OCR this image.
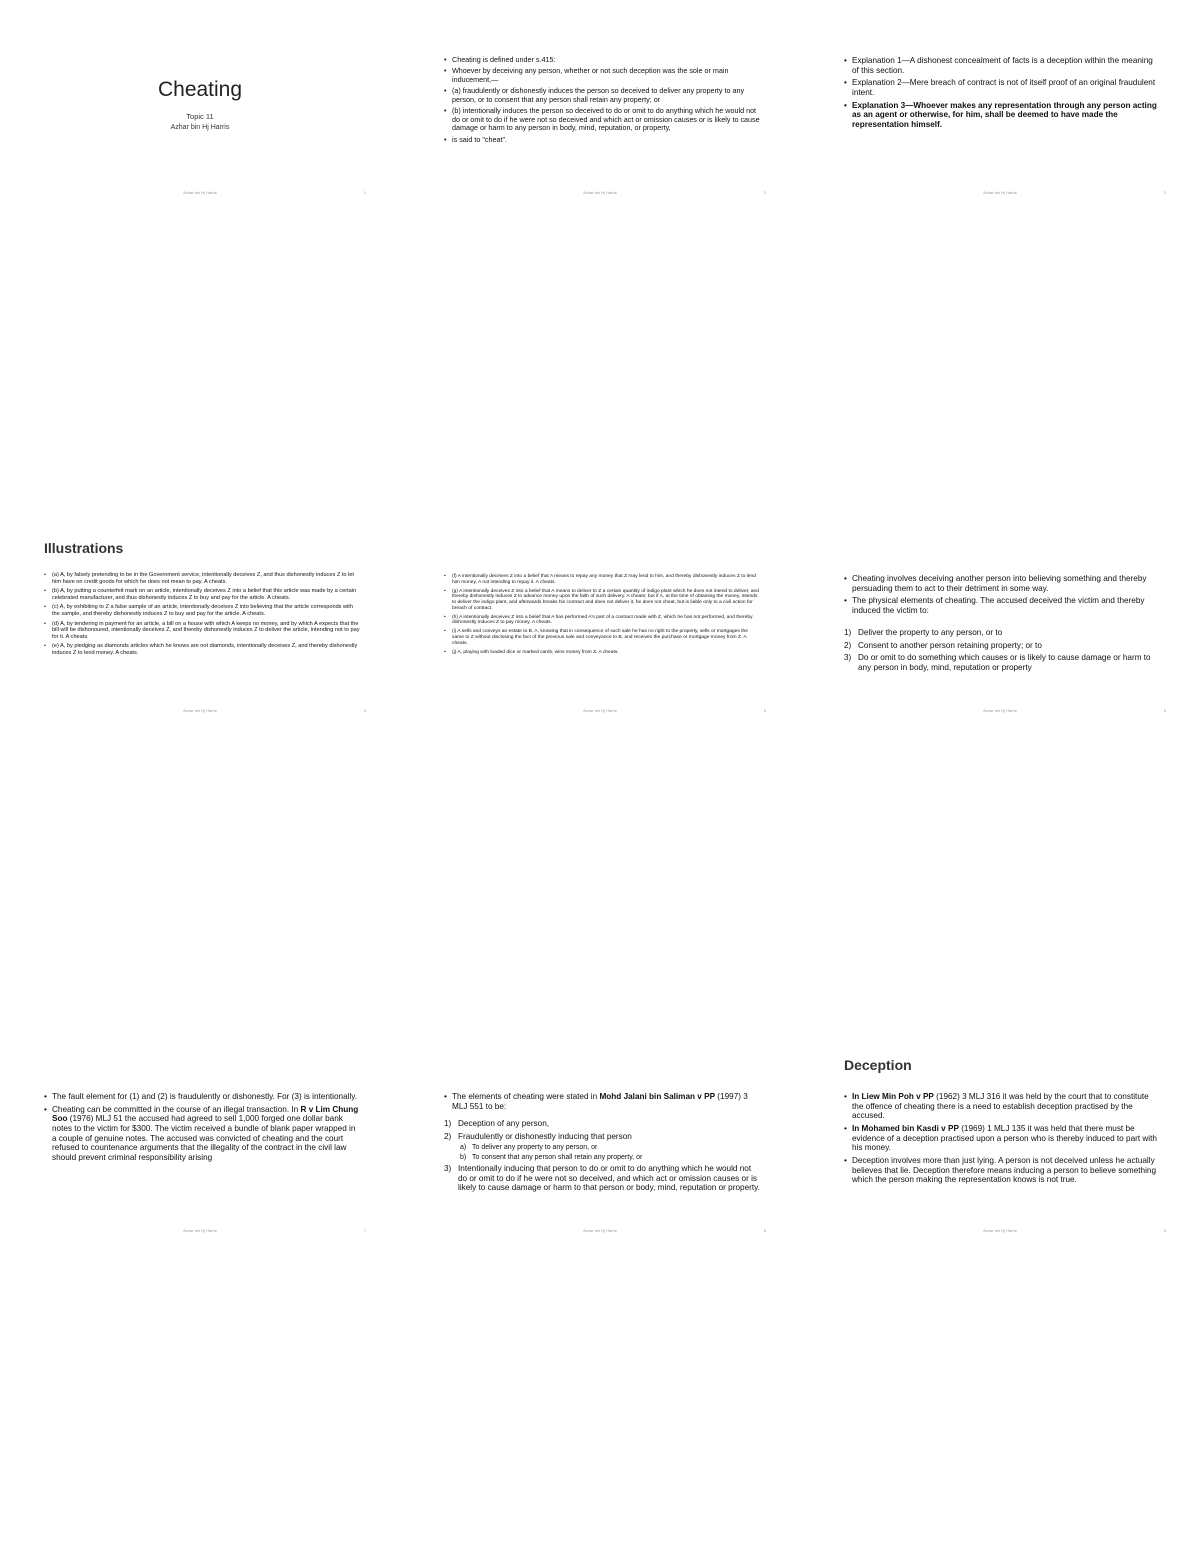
Cheating
Topic 11
Azhar bin Hj Harris
Azhar bin Hj Harris	1
• Cheating is defined under s.415:
• Whoever by deceiving any person, whether or not such deception was the sole or main inducement,—
• (a) fraudulently or dishonestly induces the person so deceived to deliver any property to any person, or to consent that any person shall retain any property; or
• (b) intentionally induces the person so deceived to do or omit to do anything which he would not do or omit to do if he were not so deceived and which act or omission causes or is likely to cause damage or harm to any person in body, mind, reputation, or property,
• is said to "cheat".
Azhar bin Hj Harris	2
• Explanation 1—A dishonest concealment of facts is a deception within the meaning of this section.
• Explanation 2—Mere breach of contract is not of itself proof of an original fraudulent intent.
• Explanation 3—Whoever makes any representation through any person acting as an agent or otherwise, for him, shall be deemed to have made the representation himself.
Azhar bin Hj Harris	3
Illustrations
• (a) A, by falsely pretending to be in the Government service, intentionally deceives Z, and thus dishonestly induces Z to let him have on credit goods for which he does not mean to pay. A cheats.
• (b) A, by putting a counterfeit mark on an article, intentionally deceives Z into a belief that this article was made by a certain celebrated manufacturer, and thus dishonestly induces Z to buy and pay for the article. A cheats.
• (c) A, by exhibiting to Z a false sample of an article, intentionally deceives Z into believing that the article corresponds with the sample, and thereby dishonestly induces Z to buy and pay for the article. A cheats.
• (d) A, by tendering in payment for an article, a bill on a house with which A keeps no money, and by which A expects that the bill will be dishonoured, intentionally deceives Z, and thereby dishonestly induces Z to deliver the article, intending not to pay for it. A cheats.
• (e) A, by pledging as diamonds articles which he knows are not diamonds, intentionally deceives Z, and thereby dishonestly induces Z to lend money. A cheats.
Azhar bin Hj Harris	4
• (f) A intentionally deceives Z into a belief that A means to repay any money that Z may lend to him, and thereby dishonestly induces Z to lend him money, A not intending to repay it. A cheats.
• (g) A intentionally deceives Z into a belief that A means to deliver to Z a certain quantity of indigo plant which he does not intend to deliver, and thereby dishonestly induces Z to advance money upon the faith of such delivery. A cheats; but if A, at the time of obtaining the money, intends to deliver the indigo plant, and afterwards breaks his contract and does not deliver it, he does not cheat, but is liable only to a civil action for breach of contract.
• (h) A intentionally deceives Z into a belief that A has performed A's part of a contract made with Z, which he has not performed, and thereby dishonestly induces Z to pay money. A cheats.
• (i) A sells and conveys an estate to B. A, knowing that in consequence of such sale he has no right to the property, sells or mortgages the same to Z without disclosing the fact of the previous sale and conveyance to B, and receives the purchase or mortgage money from Z. A cheats.
• (j) A, playing with loaded dice or marked cards, wins money from Z. A cheats.
Azhar bin Hj Harris	5
• Cheating involves deceiving another person into believing something and thereby persuading them to act to their detriment in some way.
• The physical elements of cheating. The accused deceived the victim and thereby induced the victim to:
1) Deliver the property to any person, or to
2) Consent to another person retaining property; or to
3) Do or omit to do something which causes or is likely to cause damage or harm to any person in body, mind, reputation or property
Azhar bin Hj Harris	6
• The fault element for (1) and (2) is fraudulently or dishonestly. For (3) is intentionally.
• Cheating can be committed in the course of an illegal transaction. In R v Lim Chung Soo (1976) MLJ 51 the accused had agreed to sell 1,000 forged one dollar bank notes to the victim for $300. The victim received a bundle of blank paper wrapped in a couple of genuine notes. The accused was convicted of cheating and the court refused to countenance arguments that the illegality of the contract in the civil law should prevent criminal responsibility arising
Azhar bin Hj Harris	7
• The elements of cheating were stated in Mohd Jalani bin Saliman v PP (1997) 3 MLJ 551 to be:
1) Deception of any person,
2) Fraudulently or dishonestly inducing that person
a) To deliver any property to any person, or
b) To consent that any person shall retain any property, or
3) Intentionally inducing that person to do or omit to do anything which he would not do or omit to do if he were not so deceived, and which act or omission causes or is likely to cause damage or harm to that person or body, mind, reputation or property.
Azhar bin Hj Harris	8
Deception
• In Liew Min Poh v PP (1962) 3 MLJ 316 it was held by the court that to constitute the offence of cheating there is a need to establish deception practised by the accused.
• In Mohamed bin Kasdi v PP (1969) 1 MLJ 135 it was held that there must be evidence of a deception practised upon a person who is thereby induced to part with his money.
• Deception involves more than just lying. A person is not deceived unless he actually believes that lie. Deception therefore means inducing a person to believe something which the person making the representation knows is not true.
Azhar bin Hj Harris	9
